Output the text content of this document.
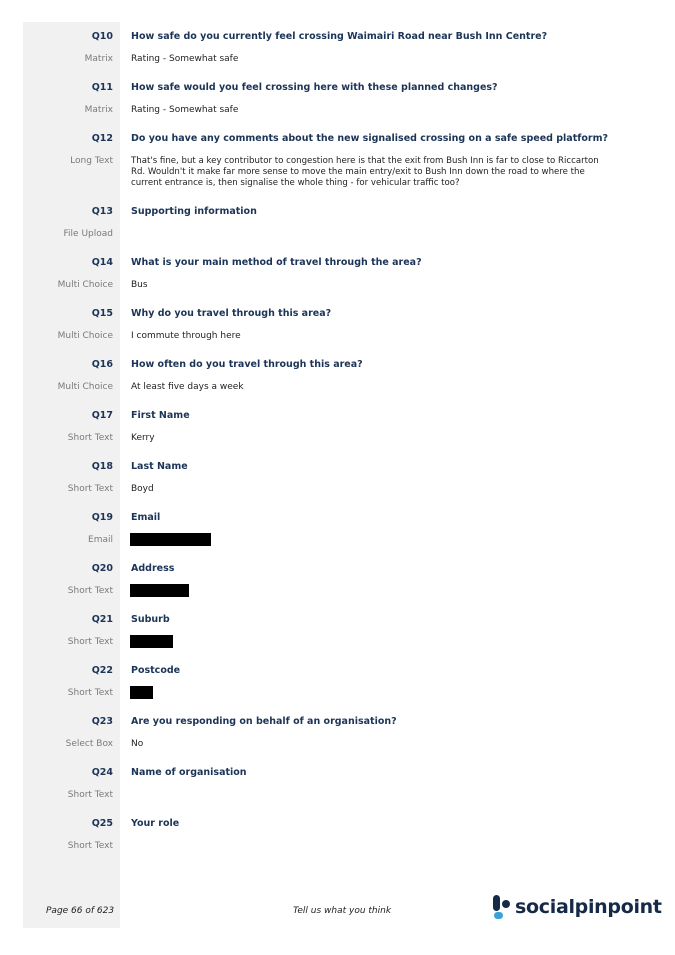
Q10 How safe do you currently feel crossing Waimairi Road near Bush Inn Centre?
Matrix Rating - Somewhat safe
Q11 How safe would you feel crossing here with these planned changes?
Matrix Rating - Somewhat safe
Q12 Do you have any comments about the new signalised crossing on a safe speed platform?
Long Text That's fine, but a key contributor to congestion here is that the exit from Bush Inn is far to close to Riccarton Rd. Wouldn't it make far more sense to move the main entry/exit to Bush Inn down the road to where the current entrance is, then signalise the whole thing - for vehicular traffic too?
Q13 Supporting information
File Upload
Q14 What is your main method of travel through the area?
Multi Choice Bus
Q15 Why do you travel through this area?
Multi Choice I commute through here
Q16 How often do you travel through this area?
Multi Choice At least five days a week
Q17 First Name
Short Text Kerry
Q18 Last Name
Short Text Boyd
Q19 Email
Email
Q20 Address
Short Text
Q21 Suburb
Short Text
Q22 Postcode
Short Text
Q23 Are you responding on behalf of an organisation?
Select Box No
Q24 Name of organisation
Short Text
Q25 Your role
Short Text
Page 66 of 623	Tell us what you think	socialpinpoint
